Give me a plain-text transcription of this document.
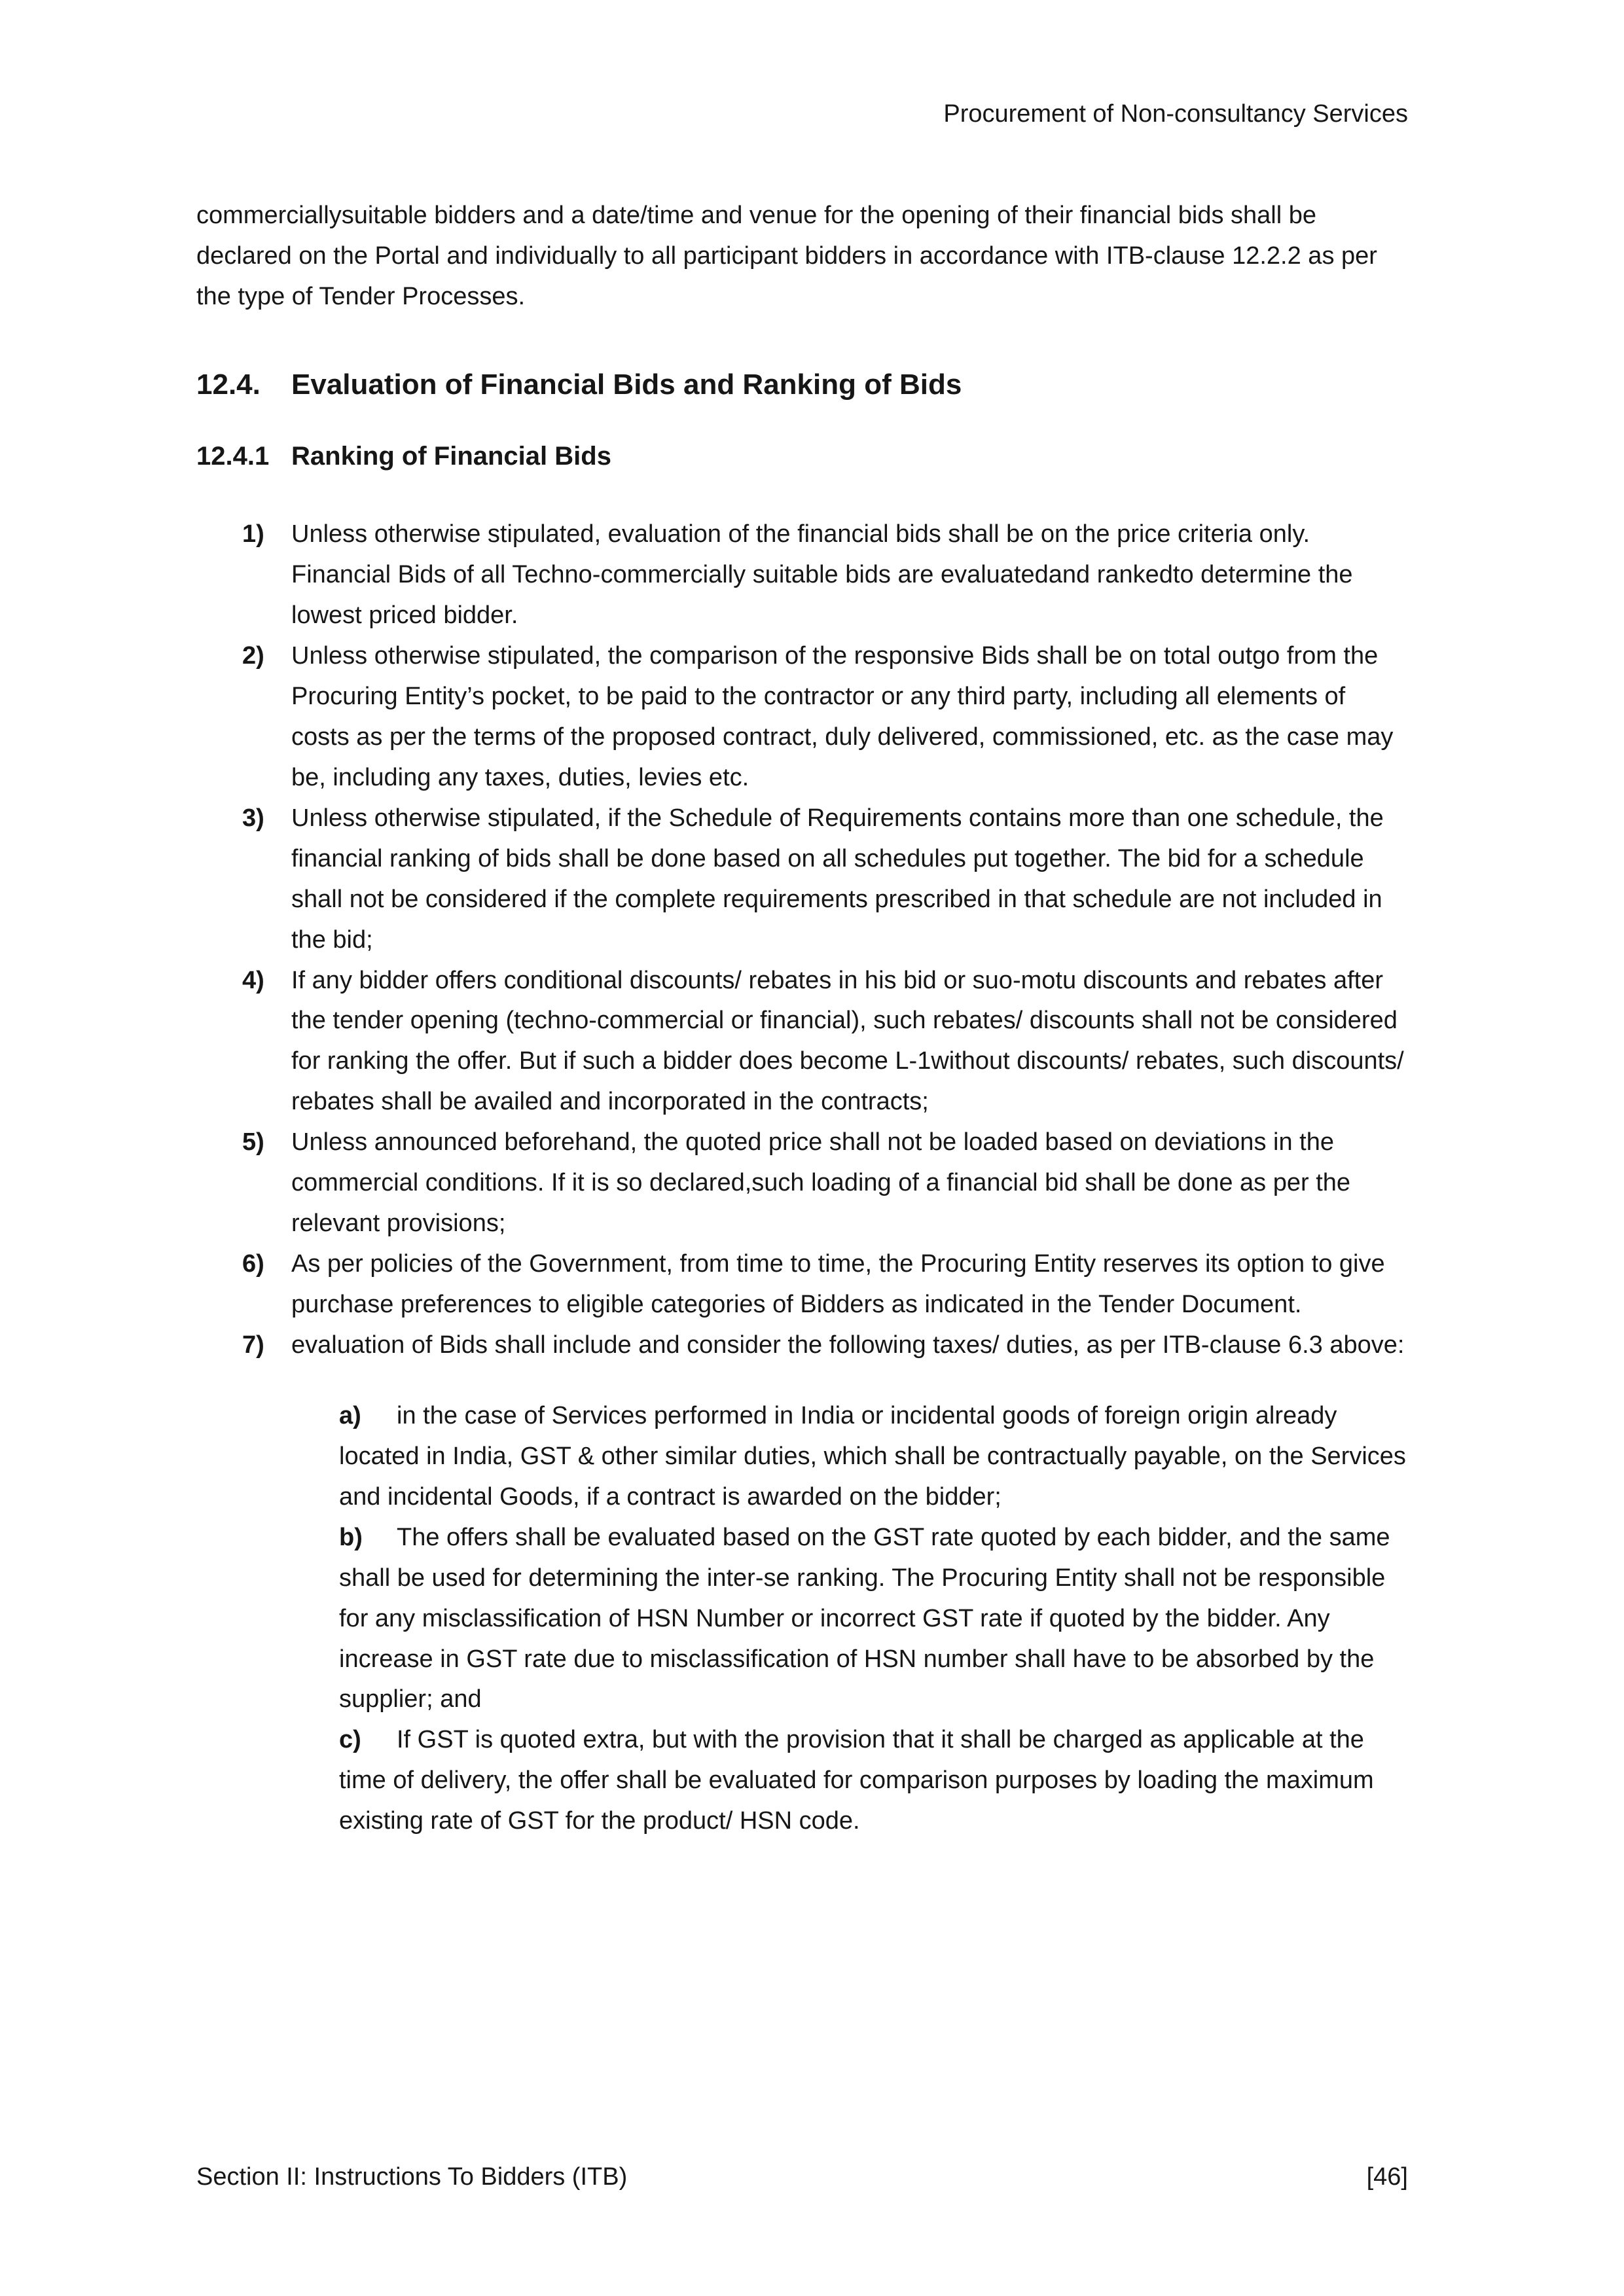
Procurement of Non-consultancy Services

commerciallysuitable bidders and a date/time and venue for the opening of their financial bids shall be declared on the Portal and individually to all participant bidders in accordance with ITB-clause 12.2.2 as per the type of Tender Processes.

12.4.	Evaluation of Financial Bids and Ranking of Bids
12.4.1 Ranking of Financial Bids
1)	Unless otherwise stipulated, evaluation of the financial bids shall be on the price criteria only. Financial Bids of all Techno-commercially suitable bids are evaluatedand rankedto determine the lowest priced bidder.
2)	Unless otherwise stipulated, the comparison of the responsive Bids shall be on total outgo from the Procuring Entity’s pocket, to be paid to the contractor or any third party, including all elements of costs as per the terms of the proposed contract, duly delivered, commissioned, etc. as the case may be, including any taxes, duties, levies etc.
3)	Unless otherwise stipulated, if the Schedule of Requirements contains more than one schedule, the financial ranking of bids shall be done based on all schedules put together. The bid for a schedule shall not be considered if the complete requirements prescribed in that schedule are not included in the bid;
4)	If any bidder offers conditional discounts/ rebates in his bid or suo-motu discounts and rebates after the tender opening (techno-commercial or financial), such rebates/ discounts shall not be considered for ranking the offer. But if such a bidder does become L-1without discounts/ rebates, such discounts/ rebates shall be availed and incorporated in the contracts;
5)	Unless announced beforehand, the quoted price shall not be loaded based on deviations in the commercial conditions. If it is so declared,such loading of a financial bid shall be done as per the relevant provisions;
6)	As per policies of the Government, from time to time, the Procuring Entity reserves its option to give purchase preferences to eligible categories of Bidders as indicated in the Tender Document.
7)	evaluation of Bids shall include and consider the following taxes/ duties, as per ITB-clause 6.3 above:
a) in the case of Services performed in India or incidental goods of foreign origin already located in India, GST & other similar duties, which shall be contractually payable, on the Services and incidental Goods, if a contract is awarded on the bidder;
b) The offers shall be evaluated based on the GST rate quoted by each bidder, and the same shall be used for determining the inter-se ranking. The Procuring Entity shall not be responsible for any misclassification of HSN Number or incorrect GST rate if quoted by the bidder. Any increase in GST rate due to misclassification of HSN number shall have to be absorbed by the supplier; and
c) If GST is quoted extra, but with the provision that it shall be charged as applicable at the time of delivery, the offer shall be evaluated for comparison purposes by loading the maximum existing rate of GST for the product/ HSN code.
Section II: Instructions To Bidders (ITB)	[46]
